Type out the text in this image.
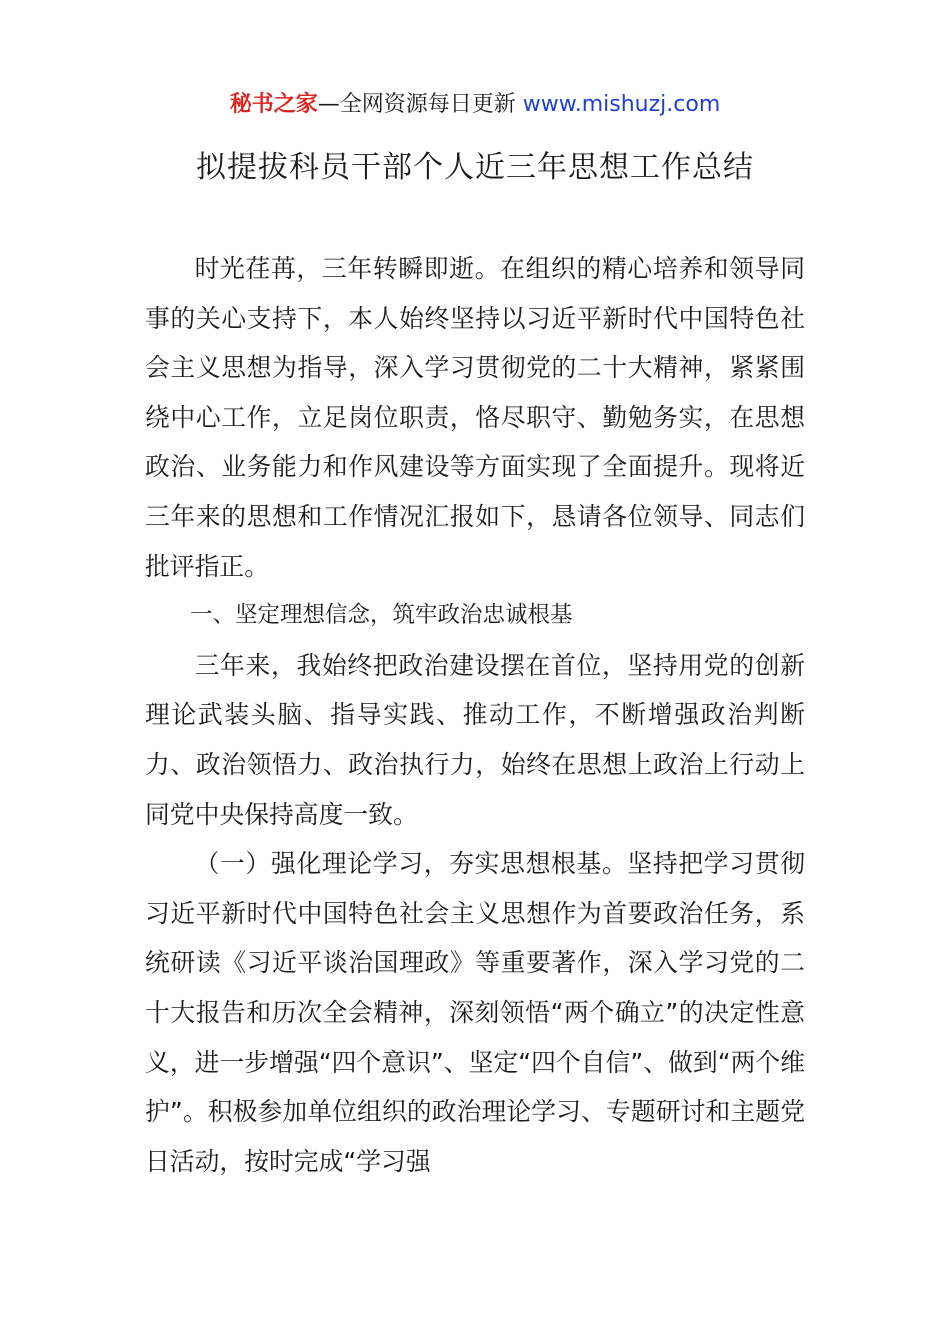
秘书之家—全网资源每日更新 www.mishuzj.com
拟提拔科员干部个人近三年思想工作总结

时光荏苒，三年转瞬即逝。在组织的精心培养和领导同事的关心支持下，本人始终坚持以习近平新时代中国特色社会主义思想为指导，深入学习贯彻党的二十大精神，紧紧围绕中心工作，立足岗位职责，恪尽职守、勤勉务实，在思想政治、业务能力和作风建设等方面实现了全面提升。现将近三年来的思想和工作情况汇报如下，恳请各位领导、同志们批评指正。

一、坚定理想信念，筑牢政治忠诚根基

三年来，我始终把政治建设摆在首位，坚持用党的创新理论武装头脑、指导实践、推动工作，不断增强政治判断力、政治领悟力、政治执行力，始终在思想上政治上行动上同党中央保持高度一致。

（一）强化理论学习，夯实思想根基。坚持把学习贯彻习近平新时代中国特色社会主义思想作为首要政治任务，系统研读《习近平谈治国理政》等重要著作，深入学习党的二十大报告和历次全会精神，深刻领悟“两个确立”的决定性意义，进一步增强“四个意识”、坚定“四个自信”、做到“两个维护”。积极参加单位组织的政治理论学习、专题研讨和主题党日活动，按时完成“学习强
